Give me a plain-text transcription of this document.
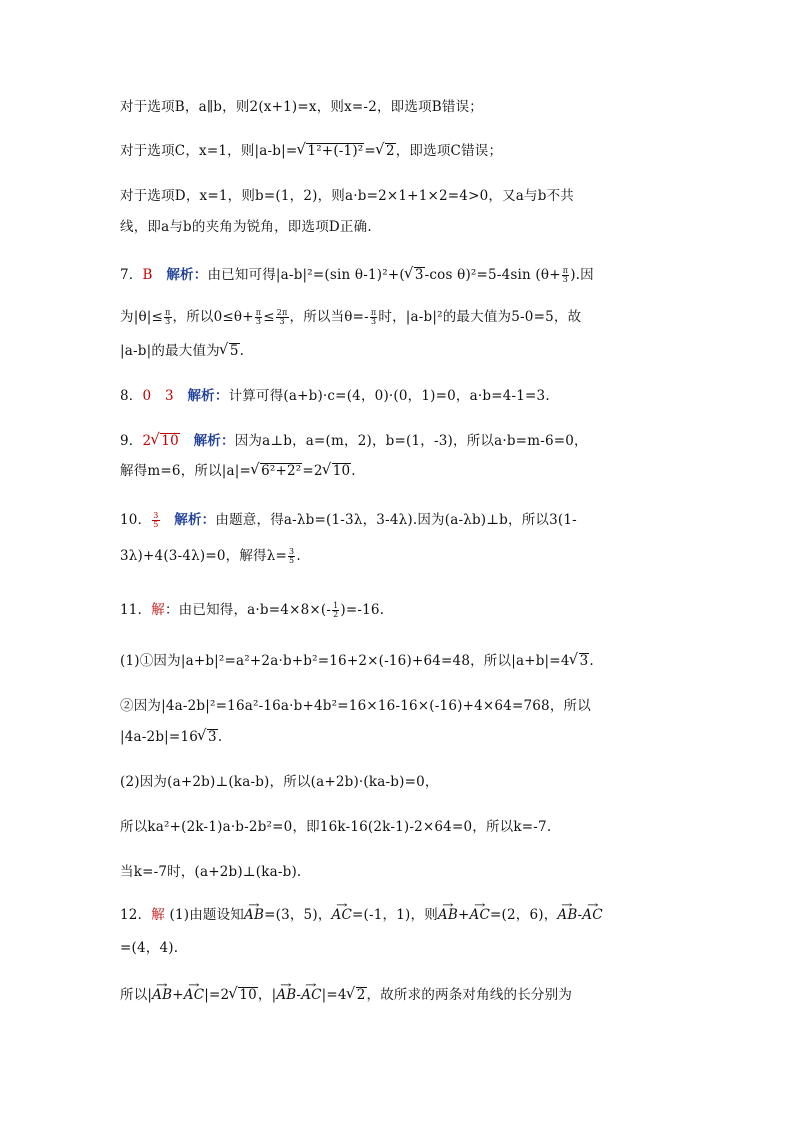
对于选项B，a∥b，则2(x+1)=x，则x=-2，即选项B错误；
对于选项C，x=1，则|a-b|= √ 1²+(-1)²= √ 2，即选项C错误；
对于选项D，x=1，则b=(1，2)，则a·b=2×1+1×2=4>0，又a与b不共
线，即a与b的夹角为锐角，即选项D正确.
7．B　 解析：由已知可得|a-b|²=(sin θ-1)²+( √ 3-cos θ)²=5-4sin ($\theta+ \frac{\pi}{3}$ ).因
为$|\theta|\le \frac{\pi}{3}$ ，所以$0\le\theta+ \frac{\pi}{3} \le \frac{2\pi}{3}$ ，所以当$\theta=- \frac{\pi}{3}$ 时，|a-b|²的最大值为5-0=5，故
|a-b|的最大值为 √ 5.
8．0　3　 解析：计算可得(a+b)·c=(4，0)·(0，1)=0，a·b=4-1=3.
9．2 √ 10　 解析：因为a⊥b，a=(m，2)，b=(1，-3)，所以a·b=m-6=0，
解得m=6，所以|a|= √ 6²+2²=2 √ 10.
10． $\frac{3}{5}$
　 解析：由题意，得a-λb=(1-3λ，3-4λ).因为(a-λb)⊥b，所以3(1-
3λ)+4(3-4λ)=0，解得$\lambda= \frac{3}{5}$ .
11．解：由已知得，$a\cdot b=4\times 8\times(- \frac{1}{2} )=-16$.
(1)①因为|a+b|²=a²+2a·b+b²=16+2×(-16)+64=48，所以|a+b|=4 √ 3.
②因为|4a-2b|²=16a²-16a·b+4b²=16×16-16×(-16)+4×64=768，所以
|4a-2b|=16 √ 3.
(2)因为(a+2b)⊥(ka-b)，所以(a+2b)·(ka-b)=0，
所以ka²+(2k-1)a·b-2b²=0，即16k-16(2k-1)-2×64=0，所以k=-7.
当k=-7时，(a+2b)⊥(ka-b).
12．解 (1)由题设知→ AB=(3，5)，→ AC=(-1，1)，则→ AB+→ AC=(2，6)，→ AB-→ AC
=(4，4).
所以|→ AB+→ AC|=2 √ 10，|→ AB-→ AC|=4 √ 2，故所求的两条对角线的长分别为
